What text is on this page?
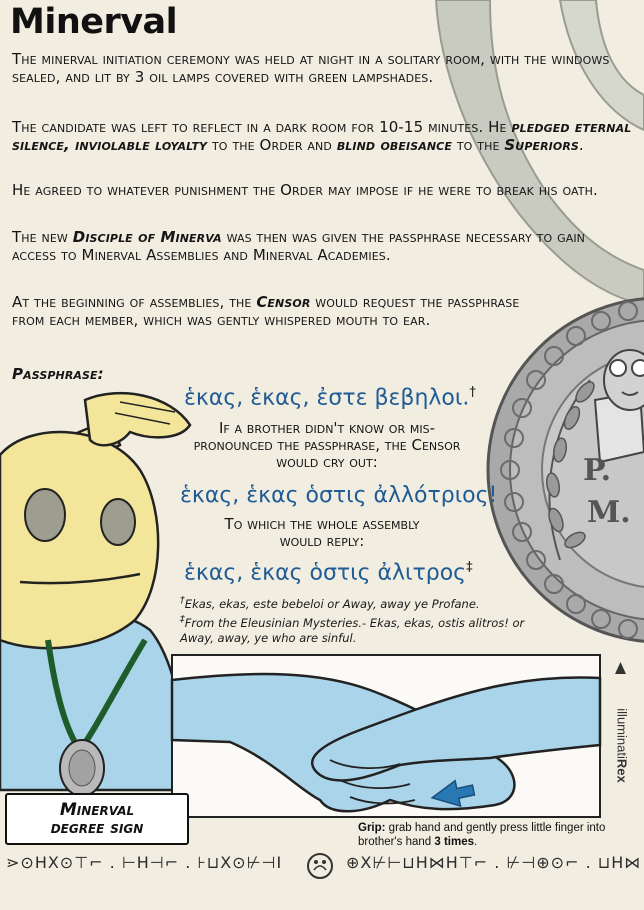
P.
M.
Minerval

The minerval initiation ceremony was held at night in a solitary room, with the windows sealed, and lit by 3 oil lamps covered with green lampshades.

The candidate was left to reflect in a dark room for 10-15 minutes. He pledged eternal silence, inviolable loyalty to the Order and blind obeisance to the Superiors.

He agreed to whatever punishment the Order may impose if he were to break his oath.

The new Disciple of Minerva was then was given the passphrase necessary to gain access to Minerval Assemblies and Minerval Academies.

At the beginning of assemblies, the Censor would request the passphrase from each member, which was gently whispered mouth to ear.

Passphrase:

ἑκας, ἑκας, ἐστε βεβηλοι.†

If a brother didn't know or mis-pronounced the passphrase, the Censor would cry out:

ἑκας, ἑκας ὁστις ἀλλότριος!

To which the whole assembly would reply:

ἑκας, ἑκας ὁστις ἀλιτρος‡

†Ekas, ekas, este bebeloi or Away, away ye Profane.

‡From the Eleusinian Mysteries.- Ekas, ekas, ostis alitros! or Away, away, ye who are sinful.

Minerval
degree sign	Grip: grab hand and gently press little finger into brother's hand 3 times.

illuminatiRex

⋗⊙HX⊙⊤⌐ . ⊢H⊣⌐ . ⊦⊔X⊙⊬⊣I	⊕X⊬⊢⊔H⋈H⊤⌐ . ⊬⊣⊕⊙⌐ . ⊔H⋈
